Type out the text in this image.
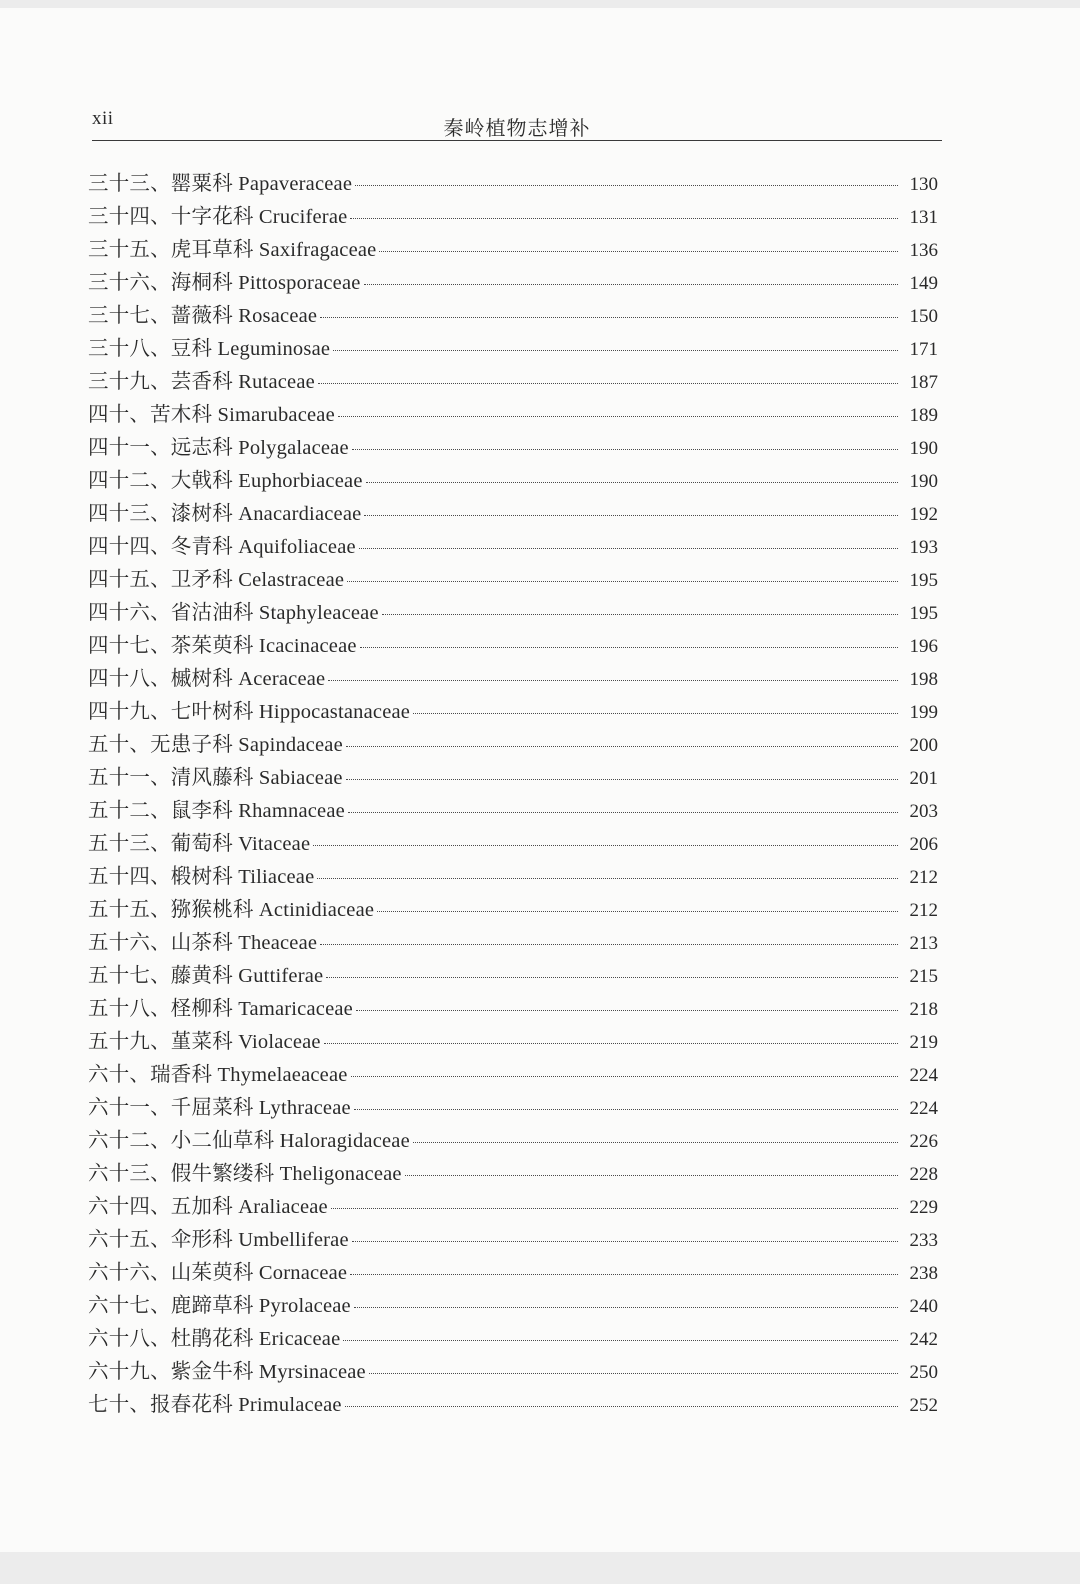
xii	秦岭植物志增补
三十三、罂粟科 Papaveraceae	130
三十四、十字花科 Cruciferae	131
三十五、虎耳草科 Saxifragaceae	136
三十六、海桐科 Pittosporaceae	149
三十七、蔷薇科 Rosaceae	150
三十八、豆科 Leguminosae	171
三十九、芸香科 Rutaceae	187
四十、苦木科 Simarubaceae	189
四十一、远志科 Polygalaceae	190
四十二、大戟科 Euphorbiaceae	190
四十三、漆树科 Anacardiaceae	192
四十四、冬青科 Aquifoliaceae	193
四十五、卫矛科 Celastraceae	195
四十六、省沽油科 Staphyleaceae	195
四十七、茶茱萸科 Icacinaceae	196
四十八、槭树科 Aceraceae	198
四十九、七叶树科 Hippocastanaceae	199
五十、无患子科 Sapindaceae	200
五十一、清风藤科 Sabiaceae	201
五十二、鼠李科 Rhamnaceae	203
五十三、葡萄科 Vitaceae	206
五十四、椴树科 Tiliaceae	212
五十五、猕猴桃科 Actinidiaceae	212
五十六、山茶科 Theaceae	213
五十七、藤黄科 Guttiferae	215
五十八、柽柳科 Tamaricaceae	218
五十九、堇菜科 Violaceae	219
六十、瑞香科 Thymelaeaceae	224
六十一、千屈菜科 Lythraceae	224
六十二、小二仙草科 Haloragidaceae	226
六十三、假牛繁缕科 Theligonaceae	228
六十四、五加科 Araliaceae	229
六十五、伞形科 Umbelliferae	233
六十六、山茱萸科 Cornaceae	238
六十七、鹿蹄草科 Pyrolaceae	240
六十八、杜鹃花科 Ericaceae	242
六十九、紫金牛科 Myrsinaceae	250
七十、报春花科 Primulaceae	252
